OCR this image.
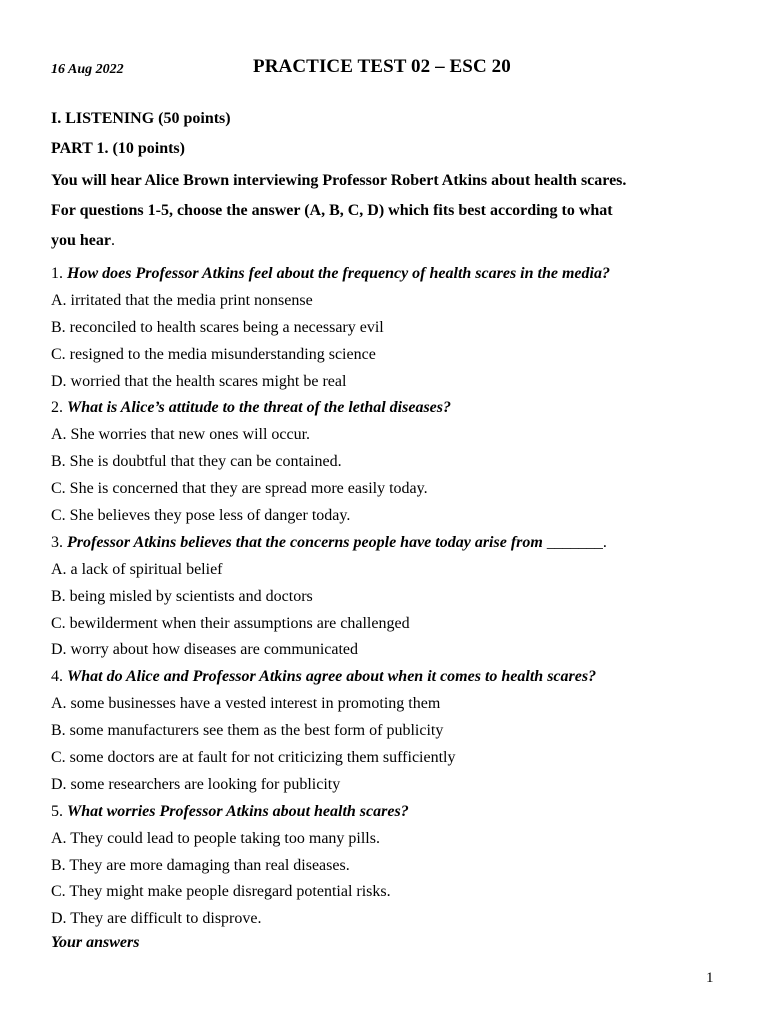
16 Aug 2022	PRACTICE TEST 02 – ESC 20
I. LISTENING (50 points)
PART 1. (10 points)
You will hear Alice Brown interviewing Professor Robert Atkins about health scares.
For questions 1-5, choose the answer (A, B, C, D) which fits best according to what
you hear.
1. How does Professor Atkins feel about the frequency of health scares in the media?
A. irritated that the media print nonsense
B. reconciled to health scares being a necessary evil
C. resigned to the media misunderstanding science
D. worried that the health scares might be real
2. What is Alice’s attitude to the threat of the lethal diseases?
A. She worries that new ones will occur.
B. She is doubtful that they can be contained.
C. She is concerned that they are spread more easily today.
C. She believes they pose less of danger today.
3. Professor Atkins believes that the concerns people have today arise from _______.
A. a lack of spiritual belief
B. being misled by scientists and doctors
C. bewilderment when their assumptions are challenged
D. worry about how diseases are communicated
4. What do Alice and Professor Atkins agree about when it comes to health scares?
A. some businesses have a vested interest in promoting them
B. some manufacturers see them as the best form of publicity
C. some doctors are at fault for not criticizing them sufficiently
D. some researchers are looking for publicity
5. What worries Professor Atkins about health scares?
A. They could lead to people taking too many pills.
B. They are more damaging than real diseases.
C. They might make people disregard potential risks.
D. They are difficult to disprove.
Your answers
1
